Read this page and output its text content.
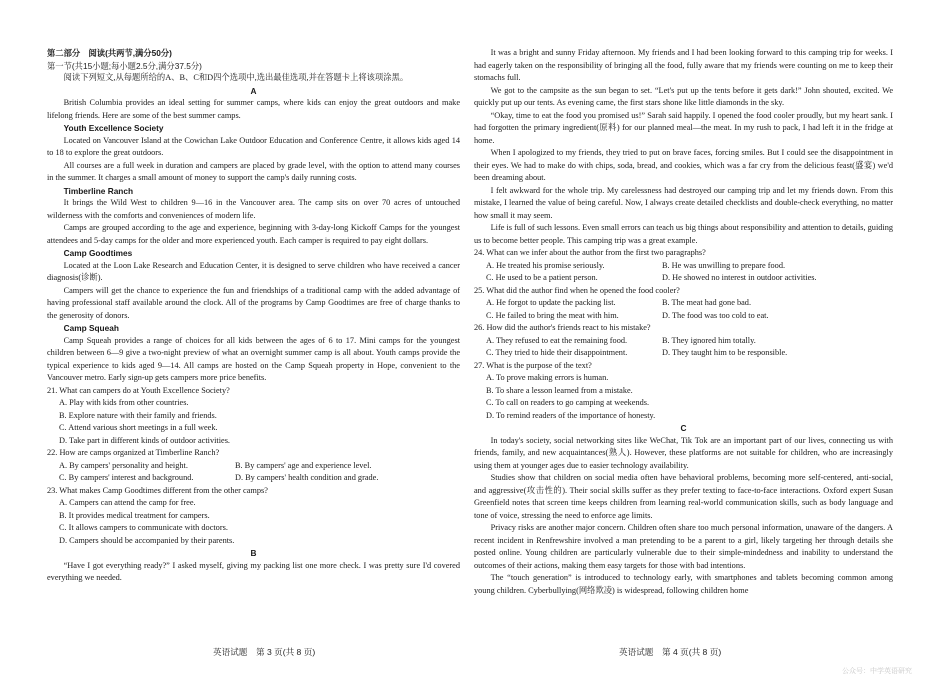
第二部分　阅读(共两节,满分50分)

第一节(共15小题;每小题2.5分,满分37.5分)

阅读下列短文,从每题所给的A、B、C和D四个选项中,选出最佳选项,并在答题卡上将该项涂黑。

A

British Columbia provides an ideal setting for summer camps, where kids can enjoy the great outdoors and make lifelong friends. Here are some of the best summer camps.

Youth Excellence Society

Located on Vancouver Island at the Cowichan Lake Outdoor Education and Conference Centre, it allows kids aged 14 to 18 to explore the great outdoors.

All courses are a full week in duration and campers are placed by grade level, with the option to attend many courses in the summer. It charges a small amount of money to support the camp's daily running costs.

Timberline Ranch

It brings the Wild West to children 9—16 in the Vancouver area. The camp sits on over 70 acres of untouched wilderness with the comforts and conveniences of modern life.

Camps are grouped according to the age and experience, beginning with 3-day-long Kickoff Camps for the youngest attendees and 5-day camps for the older and more experienced youth. Each camper is required to pay eight dollars.

Camp Goodtimes

Located at the Loon Lake Research and Education Center, it is designed to serve children who have received a cancer diagnosis(诊断).

Campers will get the chance to experience the fun and friendships of a traditional camp with the added advantage of having professional staff available around the clock. All of the programs by Camp Goodtimes are free of charge thanks to the generosity of donors.

Camp Squeah

Camp Squeah provides a range of choices for all kids between the ages of 6 to 17. Mini camps for the youngest children between 6—9 give a two-night preview of what an overnight summer camp is all about. Youth camps provide the typical experience to kids aged 9—14. All camps are hosted on the Camp Squeah property in Hope, convenient to the Vancouver metro. Early sign-up gets campers more price benefits.

21. What can campers do at Youth Excellence Society?

A. Play with kids from other countries.

B. Explore nature with their family and friends.

C. Attend various short meetings in a full week.

D. Take part in different kinds of outdoor activities.

22. How are camps organized at Timberline Ranch?

A. By campers' personality and height.	B. By campers' age and experience level.
C. By campers' interest and background.	D. By campers' health condition and grade.

23. What makes Camp Goodtimes different from the other camps?

A. Campers can attend the camp for free.

B. It provides medical treatment for campers.

C. It allows campers to communicate with doctors.

D. Campers should be accompanied by their parents.

B

“Have I got everything ready?” I asked myself, giving my packing list one more check. I was pretty sure I'd covered everything we needed.

It was a bright and sunny Friday afternoon. My friends and I had been looking forward to this camping trip for weeks. I had eagerly taken on the responsibility of bringing all the food, fully aware that my friends were counting on me to keep their stomachs full.

We got to the campsite as the sun began to set. “Let's put up the tents before it gets dark!” John shouted, excited. We quickly put up our tents. As evening came, the first stars shone like little diamonds in the sky.

“Okay, time to eat the food you promised us!” Sarah said happily. I opened the food cooler proudly, but my heart sank. I had forgotten the primary ingredient(原料) for our planned meal—the meat. In my rush to pack, I had left it in the fridge at home.

When I apologized to my friends, they tried to put on brave faces, forcing smiles. But I could see the disappointment in their eyes. We had to make do with chips, soda, bread, and cookies, which was a far cry from the delicious feast(盛宴) we'd been dreaming about.

I felt awkward for the whole trip. My carelessness had destroyed our camping trip and let my friends down. From this mistake, I learned the value of being careful. Now, I always create detailed checklists and double-check everything, no matter how small it may seem.

Life is full of such lessons. Even small errors can teach us big things about responsibility and attention to details, guiding us to become better people. This camping trip was a great example.

24. What can we infer about the author from the first two paragraphs?

A. He treated his promise seriously.	B. He was unwilling to prepare food.
C. He used to be a patient person.	D. He showed no interest in outdoor activities.

25. What did the author find when he opened the food cooler?

A. He forgot to update the packing list.	B. The meat had gone bad.
C. He failed to bring the meat with him.	D. The food was too cold to eat.

26. How did the author's friends react to his mistake?

A. They refused to eat the remaining food.	B. They ignored him totally.
C. They tried to hide their disappointment.	D. They taught him to be responsible.

27. What is the purpose of the text?

A. To prove making errors is human.

B. To share a lesson learned from a mistake.

C. To call on readers to go camping at weekends.

D. To remind readers of the importance of honesty.

C

In today's society, social networking sites like WeChat, Tik Tok are an important part of our lives, connecting us with friends, family, and new acquaintances(熟人). However, these platforms are not suitable for children, who are increasingly using them at younger ages due to easier technology availability.

Studies show that children on social media often have behavioral problems, becoming more self-centered, anti-social, and aggressive(攻击性的). Their social skills suffer as they prefer texting to face-to-face interactions. Oxford expert Susan Greenfield notes that screen time keeps children from learning real-world communication skills, such as body language and tone of voice, stressing the need to enforce age limits.

Privacy risks are another major concern. Children often share too much personal information, unaware of the dangers. A recent incident in Renfrewshire involved a man pretending to be a parent to a girl, likely targeting her through details she posted online. Young children are particularly vulnerable due to their simple-mindedness and inability to understand the outcomes of their actions, making them easy targets for those with bad intentions.

The “touch generation” is introduced to technology early, with smartphones and tablets becoming common among young children. Cyberbullying(网络欺凌) is widespread, following children home

英语试题　第 3 页(共 8 页)	英语试题　第 4 页(共 8 页)
公众号：中学英语研究
